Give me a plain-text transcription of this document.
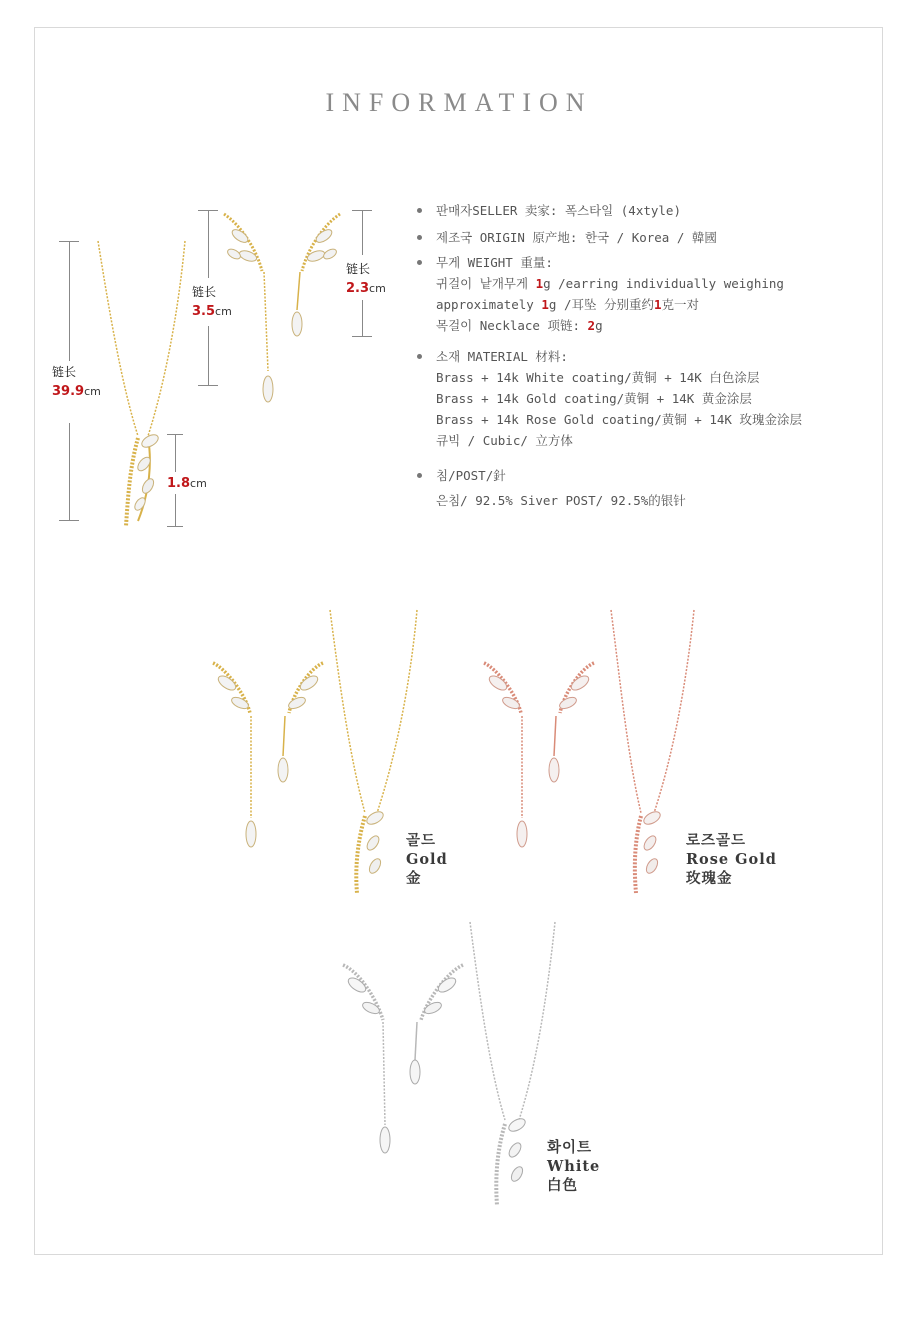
INFORMATION
链长
39.9cm
链长
3.5cm
链长
2.3cm
1.8cm
판매자SELLER 卖家: 폭스타일 (4xtyle)
제조국 ORIGIN 原产地: 한국 / Korea / 韓國
무게 WEIGHT 重量:
귀걸이 낱개무게 1g /earring individually weighing
approximately 1g /耳坠 分别重约1克一对
목걸이 Necklace 项链: 2g
소재 MATERIAL 材料:
Brass + 14k White coating/黄铜 + 14K 白色涂层
Brass + 14k Gold coating/黄铜 + 14K 黄金涂层
Brass + 14k Rose Gold coating/黄铜 + 14K 玫瑰金涂层
큐빅 / Cubic/ 立方体
침/POST/針
은침/ 92.5% Siver POST/ 92.5%的银针
골드
Gold
金
로즈골드
Rose Gold
玫瑰金
화이트
White
白色
